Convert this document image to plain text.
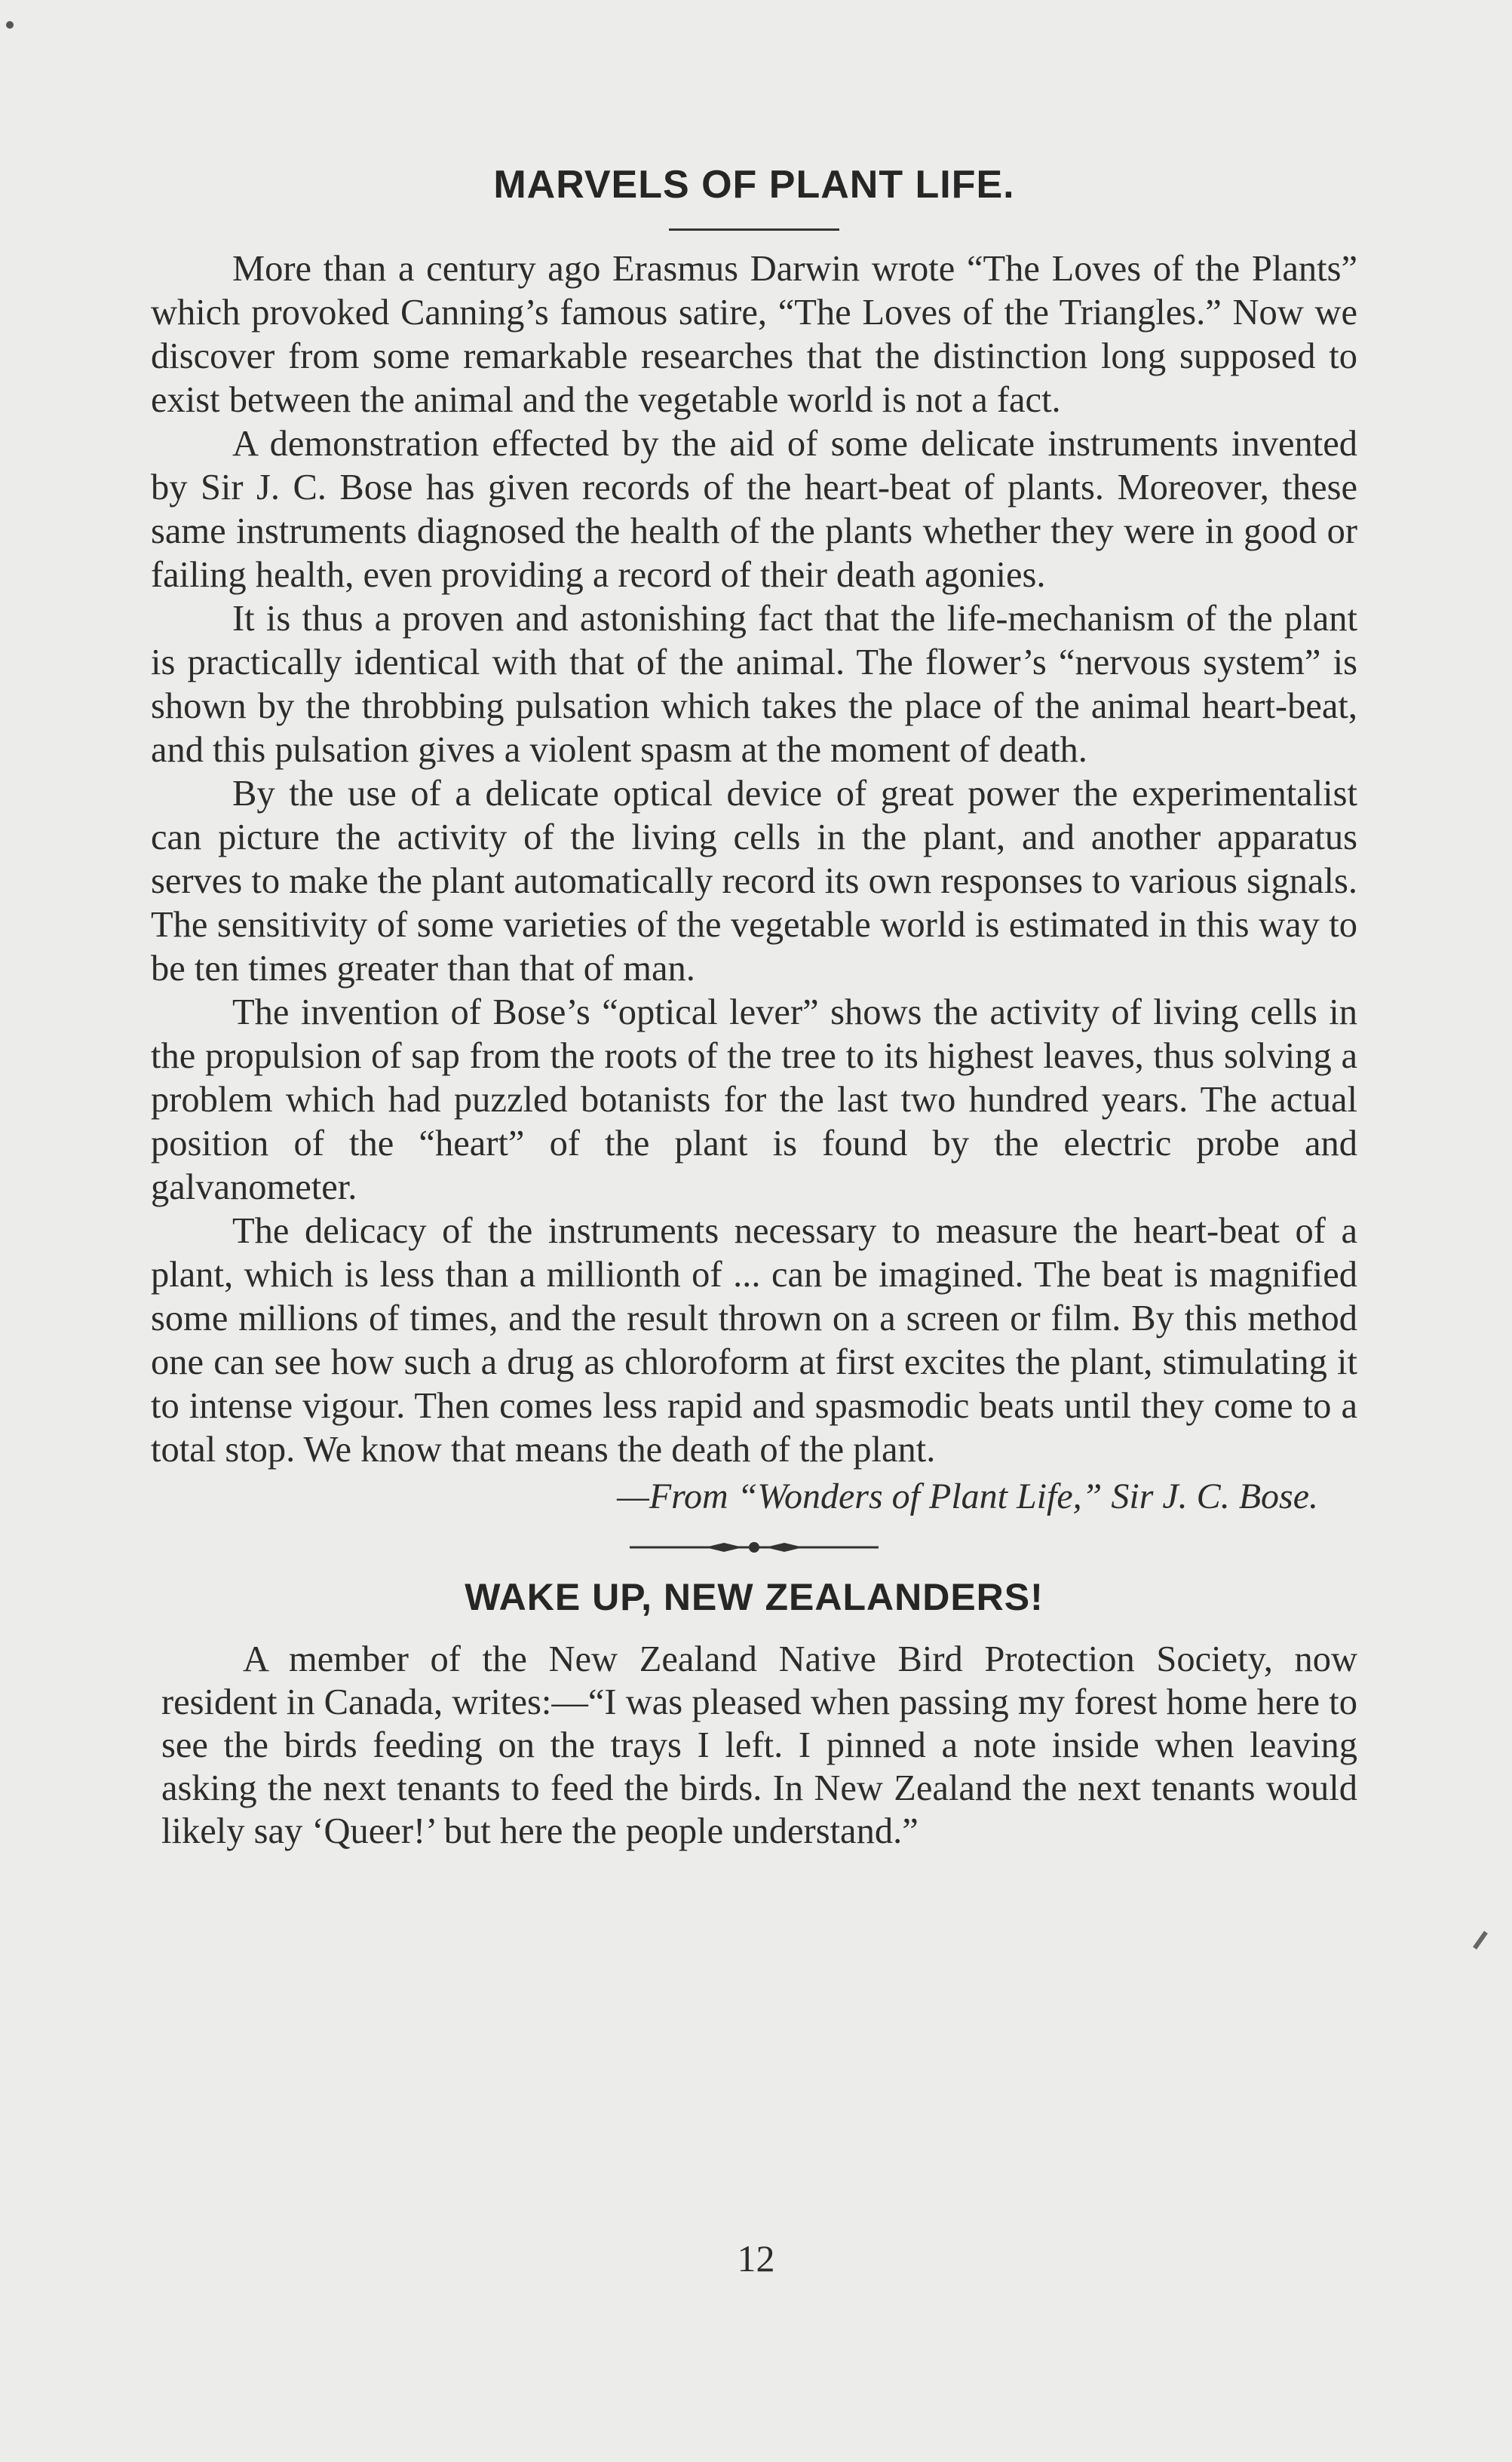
MARVELS OF PLANT LIFE.

More than a century ago Erasmus Darwin wrote “The Loves of the Plants” which provoked Canning’s famous satire, “The Loves of the Triangles.” Now we discover from some remarkable researches that the distinction long supposed to exist between the animal and the vegetable world is not a fact.

A demonstration effected by the aid of some delicate instruments invented by Sir J. C. Bose has given records of the heart-beat of plants. Moreover, these same instruments diagnosed the health of the plants whether they were in good or failing health, even providing a record of their death agonies.

It is thus a proven and astonishing fact that the life-mechanism of the plant is practically identical with that of the animal. The flower’s “nervous system” is shown by the throbbing pulsation which takes the place of the animal heart-beat, and this pulsation gives a violent spasm at the moment of death.

By the use of a delicate optical device of great power the experimentalist can picture the activity of the living cells in the plant, and another apparatus serves to make the plant automatically record its own responses to various signals. The sensitivity of some varieties of the vegetable world is estimated in this way to be ten times greater than that of man.

The invention of Bose’s “optical lever” shows the activity of living cells in the propulsion of sap from the roots of the tree to its highest leaves, thus solving a problem which had puzzled botanists for the last two hundred years. The actual position of the “heart” of the plant is found by the electric probe and galvanometer.

The delicacy of the instruments necessary to measure the heart-beat of a plant, which is less than a millionth of ... can be imagined. The beat is magnified some millions of times, and the result thrown on a screen or film. By this method one can see how such a drug as chloroform at first excites the plant, stimulating it to intense vigour. Then comes less rapid and spasmodic beats until they come to a total stop. We know that means the death of the plant.

—From “Wonders of Plant Life,” Sir J. C. Bose.

WAKE UP, NEW ZEALANDERS!

A member of the New Zealand Native Bird Protection Society, now resident in Canada, writes:—“I was pleased when passing my forest home here to see the birds feeding on the trays I left. I pinned a note inside when leaving asking the next tenants to feed the birds. In New Zealand the next tenants would likely say ‘Queer!’ but here the people understand.”

12
